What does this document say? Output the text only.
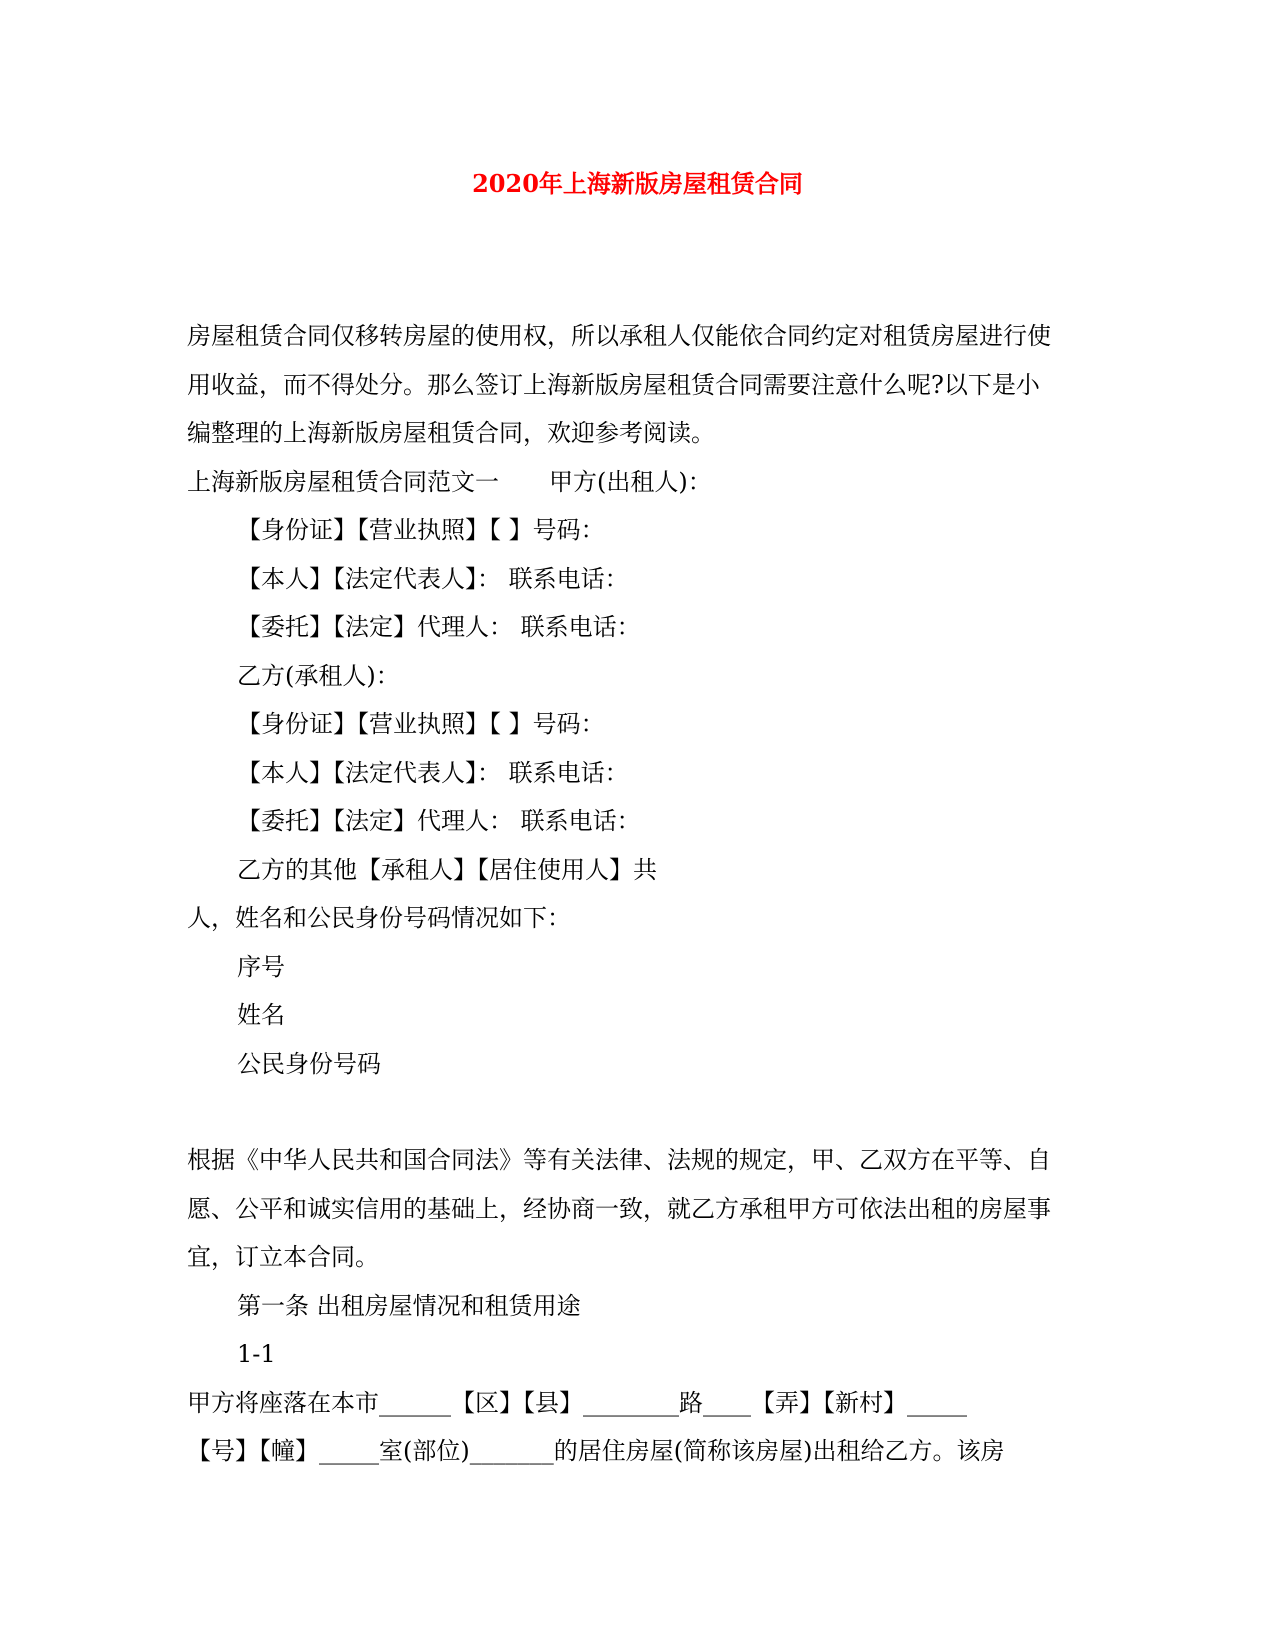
2020年上海新版房屋租赁合同

房屋租赁合同仅移转房屋的使用权，所以承租人仅能依合同约定对租赁房屋进行使

用收益，而不得处分。那么签订上海新版房屋租赁合同需要注意什么呢?以下是小

编整理的上海新版房屋租赁合同，欢迎参考阅读。

上海新版房屋租赁合同范文一 甲方(出租人)：

【身份证】【营业执照】【 】号码：

【本人】【法定代表人】： 联系电话：

【委托】【法定】代理人： 联系电话：

乙方(承租人)：

【身份证】【营业执照】【 】号码：

【本人】【法定代表人】： 联系电话：

【委托】【法定】代理人： 联系电话：

乙方的其他【承租人】【居住使用人】共

人，姓名和公民身份号码情况如下：

序号

姓名

公民身份号码

根据《中华人民共和国合同法》等有关法律、法规的规定，甲、乙双方在平等、自

愿、公平和诚实信用的基础上，经协商一致，就乙方承租甲方可依法出租的房屋事

宜，订立本合同。

第一条 出租房屋情况和租赁用途

1-1

甲方将座落在本市______【区】【县】________路____【弄】【新村】_____

【号】【幢】_____室(部位)_______的居住房屋(简称该房屋)出租给乙方。该房
